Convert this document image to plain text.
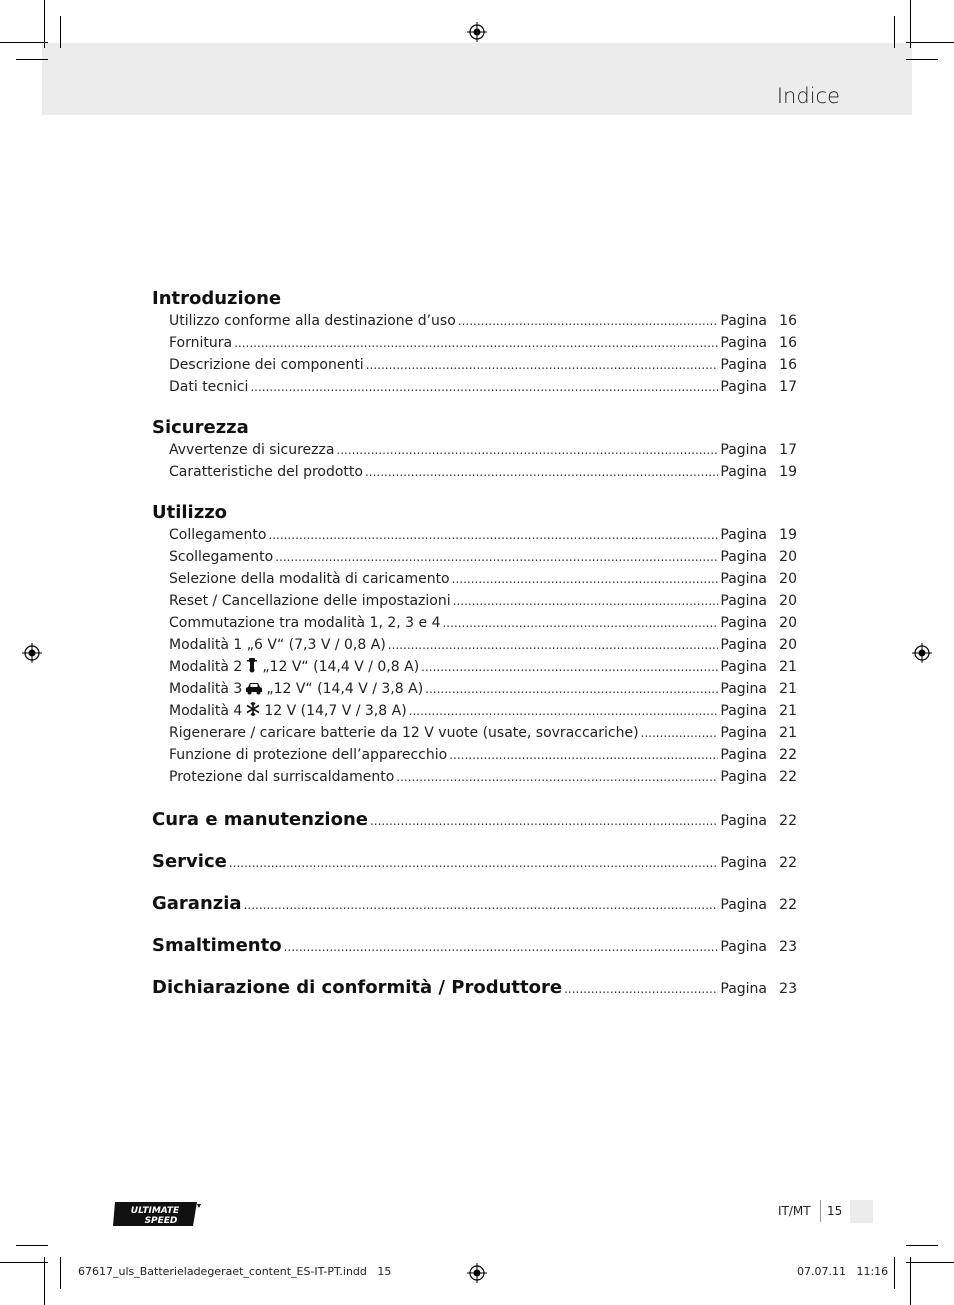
Indice
Introduzione
Utilizzo conforme alla destinazione d’uso .....	Pagina 16
Fornitura .....	Pagina 16
Descrizione dei componenti .....	Pagina 16
Dati tecnici .....	Pagina 17
Sicurezza
Avvertenze di sicurezza .....	Pagina 17
Caratteristiche del prodotto .....	Pagina 19
Utilizzo
Collegamento .....	Pagina 19
Scollegamento .....	Pagina 20
Selezione della modalità di caricamento .....	Pagina 20
Reset / Cancellazione delle impostazioni .....	Pagina 20
Commutazione tra modalità 1, 2, 3 e 4 .....	Pagina 20
Modalità 1 „6 V“ (7,3 V / 0,8 A) .....	Pagina 20
Modalità 2 „12 V“ (14,4 V / 0,8 A) .....	Pagina 21
Modalità 3 „12 V“ (14,4 V / 3,8 A) .....	Pagina 21
Modalità 4 12 V (14,7 V / 3,8 A) .....	Pagina 21
Rigenerare / caricare batterie da 12 V vuote (usate, sovraccariche) .....	Pagina 21
Funzione di protezione dell’apparecchio .....	Pagina 22
Protezione dal surriscaldamento .....	Pagina 22
Cura e manutenzione .....	Pagina 22
Service .....	Pagina 22
Garanzia .....	Pagina 22
Smaltimento .....	Pagina 23
Dichiarazione di conformità / Produttore .....	Pagina 23
ULTIMATE
SPEED
IT/MT 15
67617_uls_Batterieladegeraet_content_ES-IT-PT.indd   15	07.07.11   11:16
